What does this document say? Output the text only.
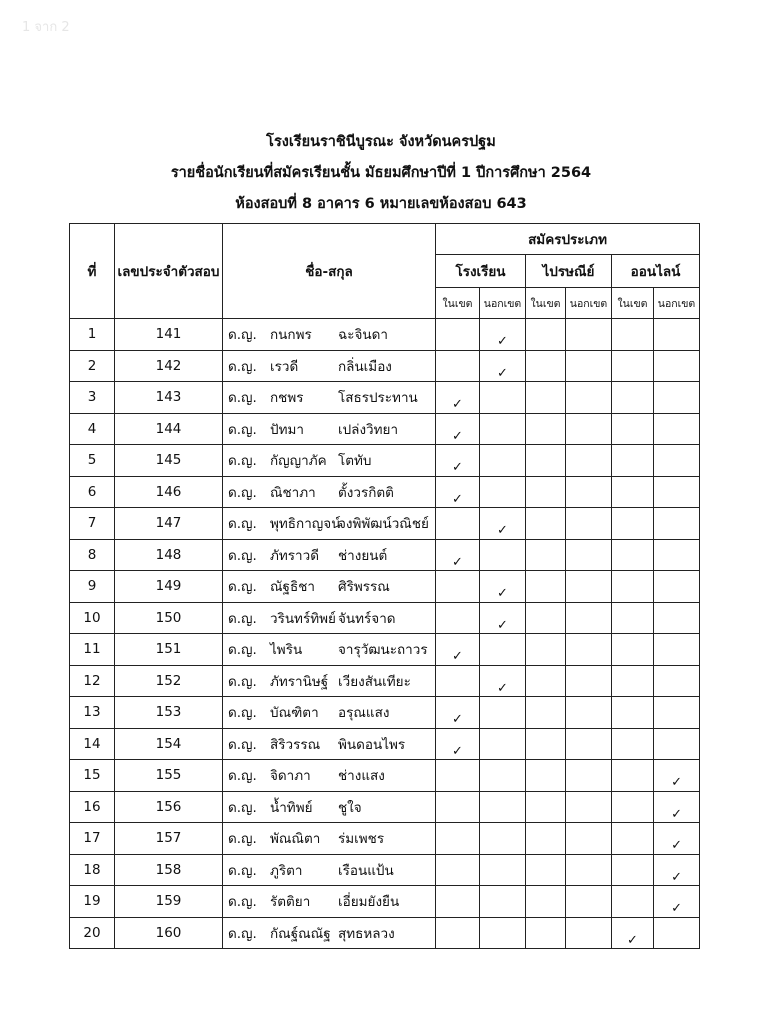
1 จาก 2
โรงเรียนราชินีบูรณะ จังหวัดนครปฐม
รายชื่อนักเรียนที่สมัครเรียนชั้น มัธยมศึกษาปีที่ 1 ปีการศึกษา 2564
ห้องสอบที่ 8 อาคาร 6 หมายเลขห้องสอบ 643
ที่	เลขประจำตัวสอบ	ชื่อ-สกุล	สมัครประเภท					
			โรงเรียน		ไปรษณีย์		ออนไลน์	
			ในเขต	นอกเขต	ในเขต	นอกเขต	ในเขต	นอกเขต
1	141	ด.ญ. กนกพร ฉะจินดา		✓				
2	142	ด.ญ. เรวดี กลิ่นเมือง		✓				
3	143	ด.ญ. กชพร โสธรประทาน	✓					
4	144	ด.ญ. ปัทมา เปล่งวิทยา	✓					
5	145	ด.ญ. กัญญาภัค โตทับ	✓					
6	146	ด.ญ. ณิชาภา ตั้งวรกิตติ	✓					
7	147	ด.ญ. พุทธิกาญจน์
จงพิพัฒน์วณิชย์		✓				
8	148	ด.ญ. ภัทราวดี ช่างยนต์	✓					
9	149	ด.ญ. ณัฐธิชา ศิริพรรณ		✓				
10	150	ด.ญ. วรินทร์ทิพย์ จันทร์จาด		✓				
11	151	ด.ญ. ไพริน จารุวัฒนะถาวร	✓					
12	152	ด.ญ. ภัทรานิษฐ์ เวียงสันเทียะ		✓				
13	153	ด.ญ. บัณฑิตา อรุณแสง	✓					
14	154	ด.ญ. สิริวรรณ พินดอนไพร	✓					
15	155	ด.ญ. จิดาภา ช่างแสง						✓
16	156	ด.ญ. น้ำทิพย์ ชูใจ						✓
17	157	ด.ญ. พัณณิตา ร่มเพชร						✓
18	158	ด.ญ. ภูริตา เรือนแป้น						✓
19	159	ด.ญ. รัตติยา เอี่ยมยังยืน						✓
20	160	ด.ญ. กัณฐ์ณณัฐ สุทธหลวง					✓	
